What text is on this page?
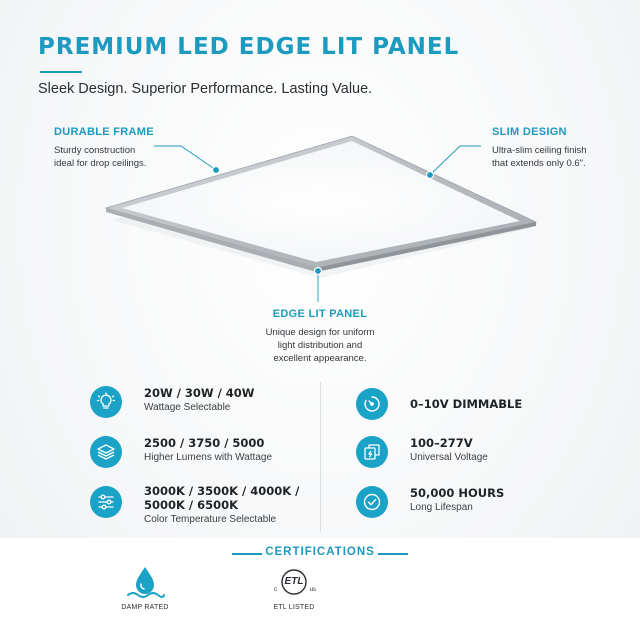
PREMIUM LED EDGE LIT PANEL
Sleek Design. Superior Performance. Lasting Value.
DURABLE FRAME
Sturdy construction
ideal for drop ceilings.
SLIM DESIGN
Ultra-slim ceiling finish
that extends only 0.6".
EDGE LIT PANEL
Unique design for uniform
light distribution and
excellent appearance.
20W / 30W / 40W
Wattage Selectable
2500 / 3750 / 5000
Higher Lumens with Wattage
3000K / 3500K / 4000K /
5000K / 6500K
Color Temperature Selectable
0–10V DIMMABLE
100–277V
Universal Voltage
50,000 HOURS
Long Lifespan
CERTIFICATIONS
DAMP RATED
ETL
c	us
ETL LISTED
